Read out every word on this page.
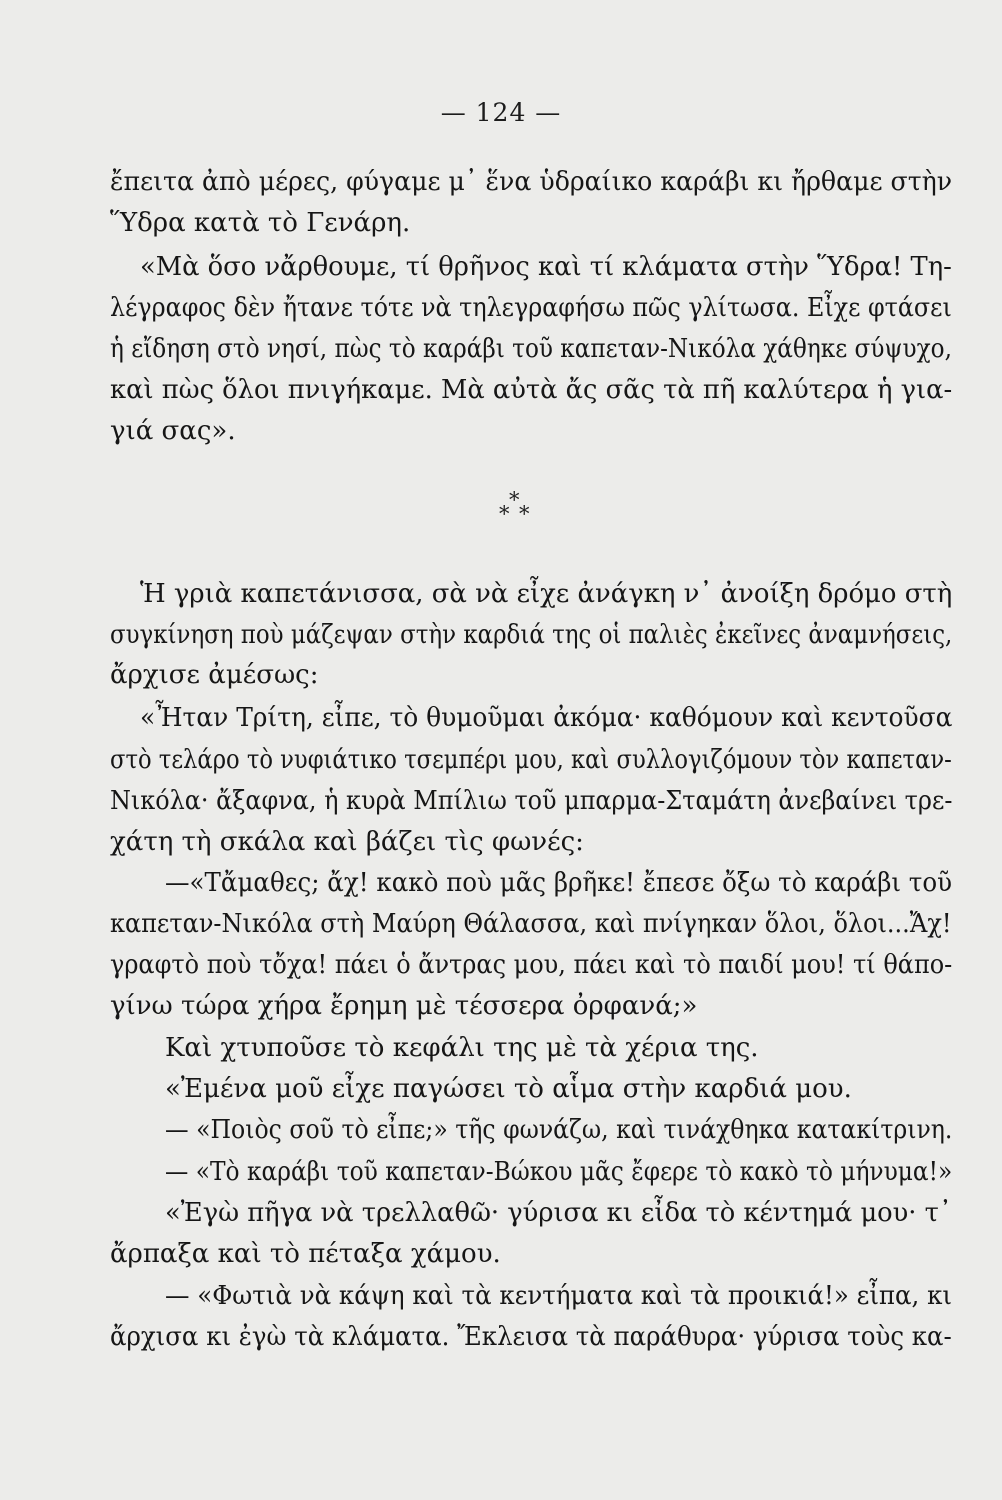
— 124 —
ἔπειτα ἀπὸ μέρες, φύγαμε μ᾽ ἕνα ὑδραίικο καράβι κι ἤρθαμε στὴν
Ὕδρα κατὰ τὸ Γενάρη.
«Μὰ ὅσο νἄρθουμε, τί θρῆνος καὶ τί κλάματα στὴν Ὕδρα! Τη-
λέγραφος δὲν ἤτανε τότε νὰ τηλεγραφήσω πῶς γλίτωσα. Εἶχε φτάσει
ἡ εἴδηση στὸ νησί, πὼς τὸ καράβι τοῦ καπεταν-Νικόλα χάθηκε σύψυχο,
καὶ πὼς ὅλοι πνιγήκαμε. Μὰ αὐτὰ ἄς σᾶς τὰ πῆ καλύτερα ἡ για-
γιά σας».
*
* *
Ἡ γριὰ καπετάνισσα, σὰ νὰ εἶχε ἀνάγκη ν᾽ ἀνοίξη δρόμο στὴ
συγκίνηση ποὺ μάζεψαν στὴν καρδιά της οἱ παλιὲς ἐκεῖνες ἀναμνήσεις,
ἄρχισε ἀμέσως:
«Ἦταν Τρίτη, εἶπε, τὸ θυμοῦμαι ἀκόμα· καθόμουν καὶ κεντοῦσα
στὸ τελάρο τὸ νυφιάτικο τσεμπέρι μου, καὶ συλλογιζόμουν τὸν καπεταν-
Νικόλα· ἄξαφνα, ἡ κυρὰ Μπίλιω τοῦ μπαρμα-Σταμάτη ἀνεβαίνει τρε-
χάτη τὴ σκάλα καὶ βάζει τὶς φωνές:
—«Τἄμαθες; ἄχ! κακὸ ποὺ μᾶς βρῆκε! ἔπεσε ὄξω τὸ καράβι τοῦ
καπεταν-Νικόλα στὴ Μαύρη Θάλασσα, καὶ πνίγηκαν ὅλοι, ὅλοι...Ἄχ!
γραφτὸ ποὺ τὄχα! πάει ὁ ἄντρας μου, πάει καὶ τὸ παιδί μου! τί θάπο-
γίνω τώρα χήρα ἔρημη μὲ τέσσερα ὀρφανά;»
Καὶ χτυποῦσε τὸ κεφάλι της μὲ τὰ χέρια της.
«Ἐμένα μοῦ εἶχε παγώσει τὸ αἷμα στὴν καρδιά μου.
— «Ποιὸς σοῦ τὸ εἶπε;» τῆς φωνάζω, καὶ τινάχθηκα κατακίτρινη.
— «Τὸ καράβι τοῦ καπεταν-Βώκου μᾶς ἔφερε τὸ κακὸ τὸ μήνυμα!»
«Ἐγὼ πῆγα νὰ τρελλαθῶ· γύρισα κι εἶδα τὸ κέντημά μου· τ᾽
ἄρπαξα καὶ τὸ πέταξα χάμου.
— «Φωτιὰ νὰ κάψη καὶ τὰ κεντήματα καὶ τὰ προικιά!» εἶπα, κι
ἄρχισα κι ἐγὼ τὰ κλάματα. Ἔκλεισα τὰ παράθυρα· γύρισα τοὺς κα-
